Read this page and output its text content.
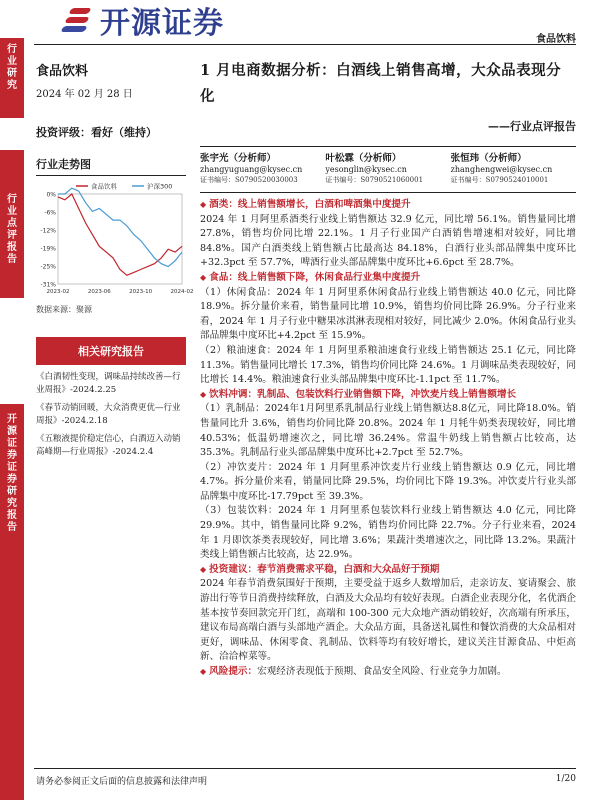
行
业
研
究
行
业
点
评
报
告
开
源
证
券
证
券
研
究
报
告
开源证券	食品饮料
食品饮料
2024 年 02 月 28 日
投资评级：看好（维持）
行业走势图
0%
-6%
-12%
-19%
-25%
-31%
2023-02	2023-06	2023-10	2024-02
食品饮料	沪深300
数据来源：聚源
相关研究报告

《白酒韧性变现，调味品持续改善—行业周报》-2024.2.25

《春节动销回暖，大众消费更优—行业周报》-2024.2.18

《五粮液提价稳定信心，白酒迈入动销高峰期—行业周报》-2024.2.4

1 月电商数据分析：白酒线上销售高增，大众品表现分化
——行业点评报告
张宇光（分析师）
zhangyuguang@kysec.cn
证书编号：S0790520030003
叶松霖（分析师）
yesonglin@kysec.cn
证书编号：S0790521060001
张恒玮（分析师）
zhanghengwei@kysec.cn
证书编号：S0790524010001

◆ 酒类：线上销售额增长，白酒和啤酒集中度提升

2024 年 1 月阿里系酒类行业线上销售额达 32.9 亿元，同比增 56.1%。销售量同比增 27.8%，销售均价同比增 22.1%。1 月子行业国产白酒销售增速相对较好，同比增 84.8%。国产白酒类线上销售额占比最高达 84.18%，白酒行业头部品牌集中度环比+32.3pct 至 57.7%，啤酒行业头部品牌集中度环比+6.6pct 至 28.7%。

◆ 食品：线上销售额下降，休闲食品行业集中度提升

（1）休闲食品：2024 年 1 月阿里系休闲食品行业线上销售额达 40.0 亿元，同比降 18.9%。拆分量价来看，销售量同比增 10.9%，销售均价同比降 26.9%。分子行业来看，2024 年 1 月子行业中糖果冰淇淋表现相对较好，同比减少 2.0%。休闲食品行业头部品牌集中度环比+4.2pct 至 15.9%。

（2）粮油速食：2024 年 1 月阿里系粮油速食行业线上销售额达 25.1 亿元，同比降 11.3%。销售量同比增长 17.3%，销售均价同比降 24.6%。1 月调味品类表现较好，同比增长 14.4%。粮油速食行业头部品牌集中度环比-1.1pct 至 11.7%。

◆ 饮料冲调：乳制品、包装饮料行业销售额下降，冲饮麦片线上销售额增长

（1）乳制品：2024年1月阿里系乳制品行业线上销售额达8.8亿元，同比降18.0%。销售量同比升 3.6%，销售均价同比降 20.8%。2024 年 1 月牦牛奶类表现较好，同比增 40.53%；低温奶增速次之，同比增 36.24%。常温牛奶线上销售额占比较高，达 35.3%。乳制品行业头部品牌集中度环比+2.7pct 至 52.7%。

（2）冲饮麦片：2024 年 1 月阿里系冲饮麦片行业线上销售额达 0.9 亿元，同比增 4.7%。拆分量价来看，销量同比降 29.5%，均价同比下降 19.3%。冲饮麦片行业头部品牌集中度环比-17.79pct 至 39.3%。

（3）包装饮料：2024 年 1 月阿里系包装饮料行业线上销售额达 4.0 亿元，同比降 29.9%。其中，销售量同比降 9.2%，销售均价同比降 22.7%。分子行业来看，2024 年 1 月即饮茶类表现较好，同比增 3.6%；果蔬汁类增速次之，同比降 13.2%。果蔬汁类线上销售额占比较高，达 22.9%。

◆ 投资建议：春节消费需求平稳，白酒和大众品好于预期

2024 年春节消费氛围好于预期，主要受益于返乡人数增加后，走亲访友、宴请聚会、旅游出行等节日消费持续释放，白酒及大众品均有较好表现。白酒企业表现分化，名优酒企基本按节奏回款完开门红，高端和 100-300 元大众地产酒动销较好，次高端有所承压，建议布局高端白酒与头部地产酒企。大众品方面，具备送礼属性和餐饮消费的大众品相对更好，调味品、休闲零食、乳制品、饮料等均有较好增长，建议关注甘源食品、中炬高新、洽洽榨菜等。

◆ 风险提示：宏观经济表现低于预期、食品安全风险、行业竞争力加剧。

请务必参阅正文后面的信息披露和法律声明	1/20
